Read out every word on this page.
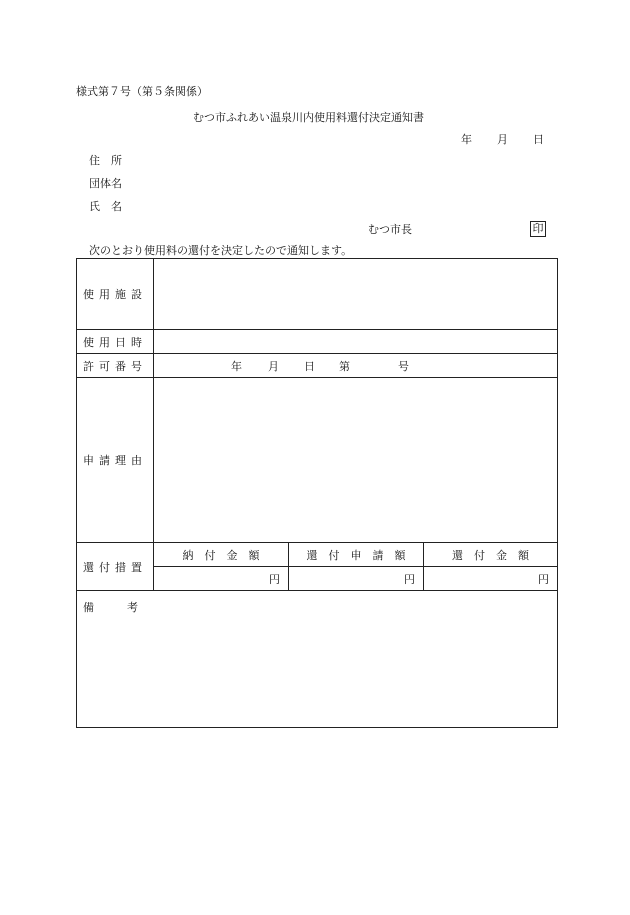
様式第７号（第５条関係）
むつ市ふれあい温泉川内使用料還付決定通知書
年 月 日
住　所
団体名
氏　名
むつ市長	印
次のとおり使用料の還付を決定したので通知します。
使用施設			
使用日時			
許可番号	年 月 日 第 号		

申請理由			
還付措置	納　付　金　額	還　付　申　請　額	還　付　金　額
	円	円	円

備　　　考			
